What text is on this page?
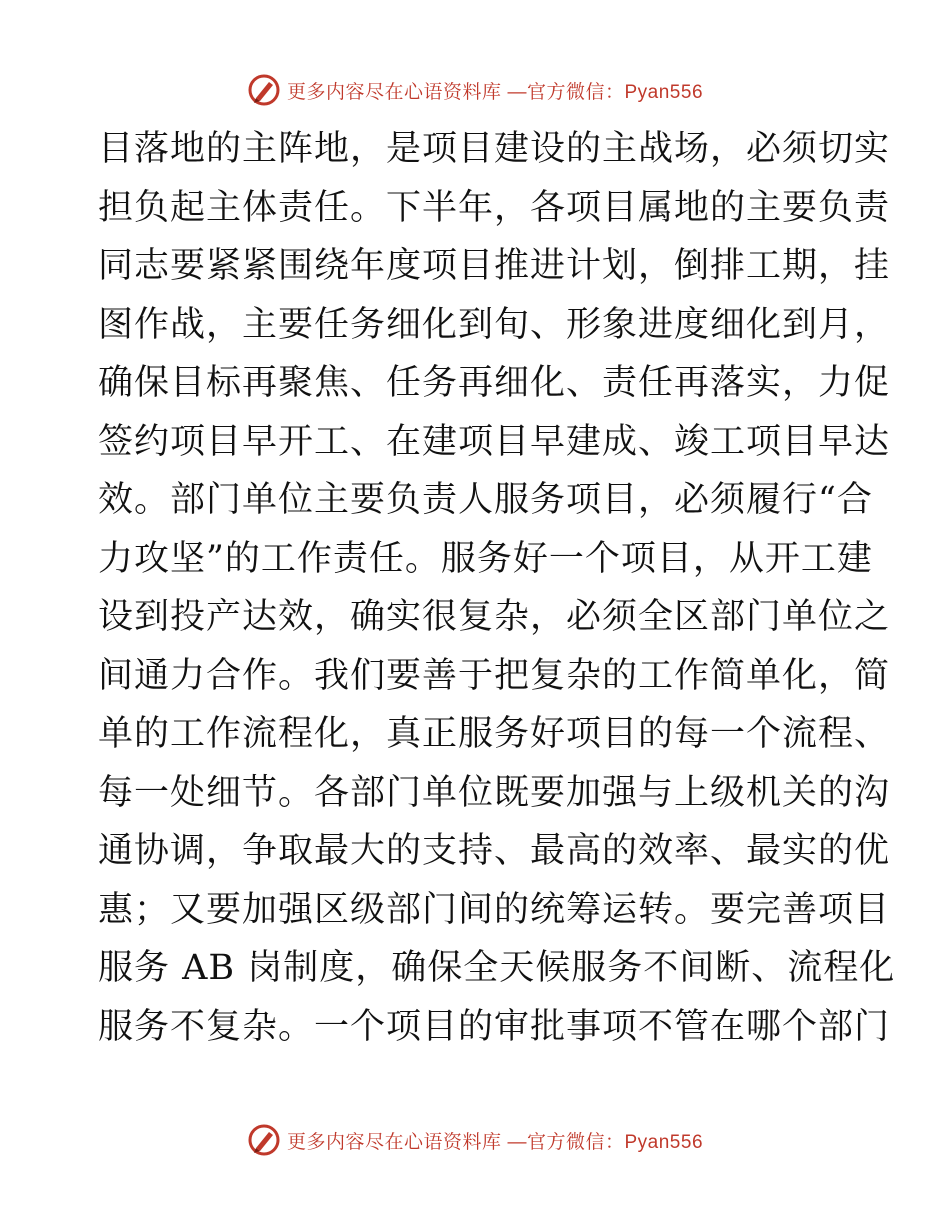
更多内容尽在心语资料库 —官方微信：Pyan556
目落地的主阵地，是项目建设的主战场，必须切实
担负起主体责任。下半年，各项目属地的主要负责
同志要紧紧围绕年度项目推进计划，倒排工期，挂
图作战，主要任务细化到旬、形象进度细化到月，
确保目标再聚焦、任务再细化、责任再落实，力促
签约项目早开工、在建项目早建成、竣工项目早达
效。部门单位主要负责人服务项目，必须履行“合
力攻坚”的工作责任。服务好一个项目，从开工建
设到投产达效，确实很复杂，必须全区部门单位之
间通力合作。我们要善于把复杂的工作简单化，简
单的工作流程化，真正服务好项目的每一个流程、
每一处细节。各部门单位既要加强与上级机关的沟
通协调，争取最大的支持、最高的效率、最实的优
惠；又要加强区级部门间的统筹运转。要完善项目
服务 AB 岗制度，确保全天候服务不间断、流程化
服务不复杂。一个项目的审批事项不管在哪个部门
更多内容尽在心语资料库 —官方微信：Pyan556
